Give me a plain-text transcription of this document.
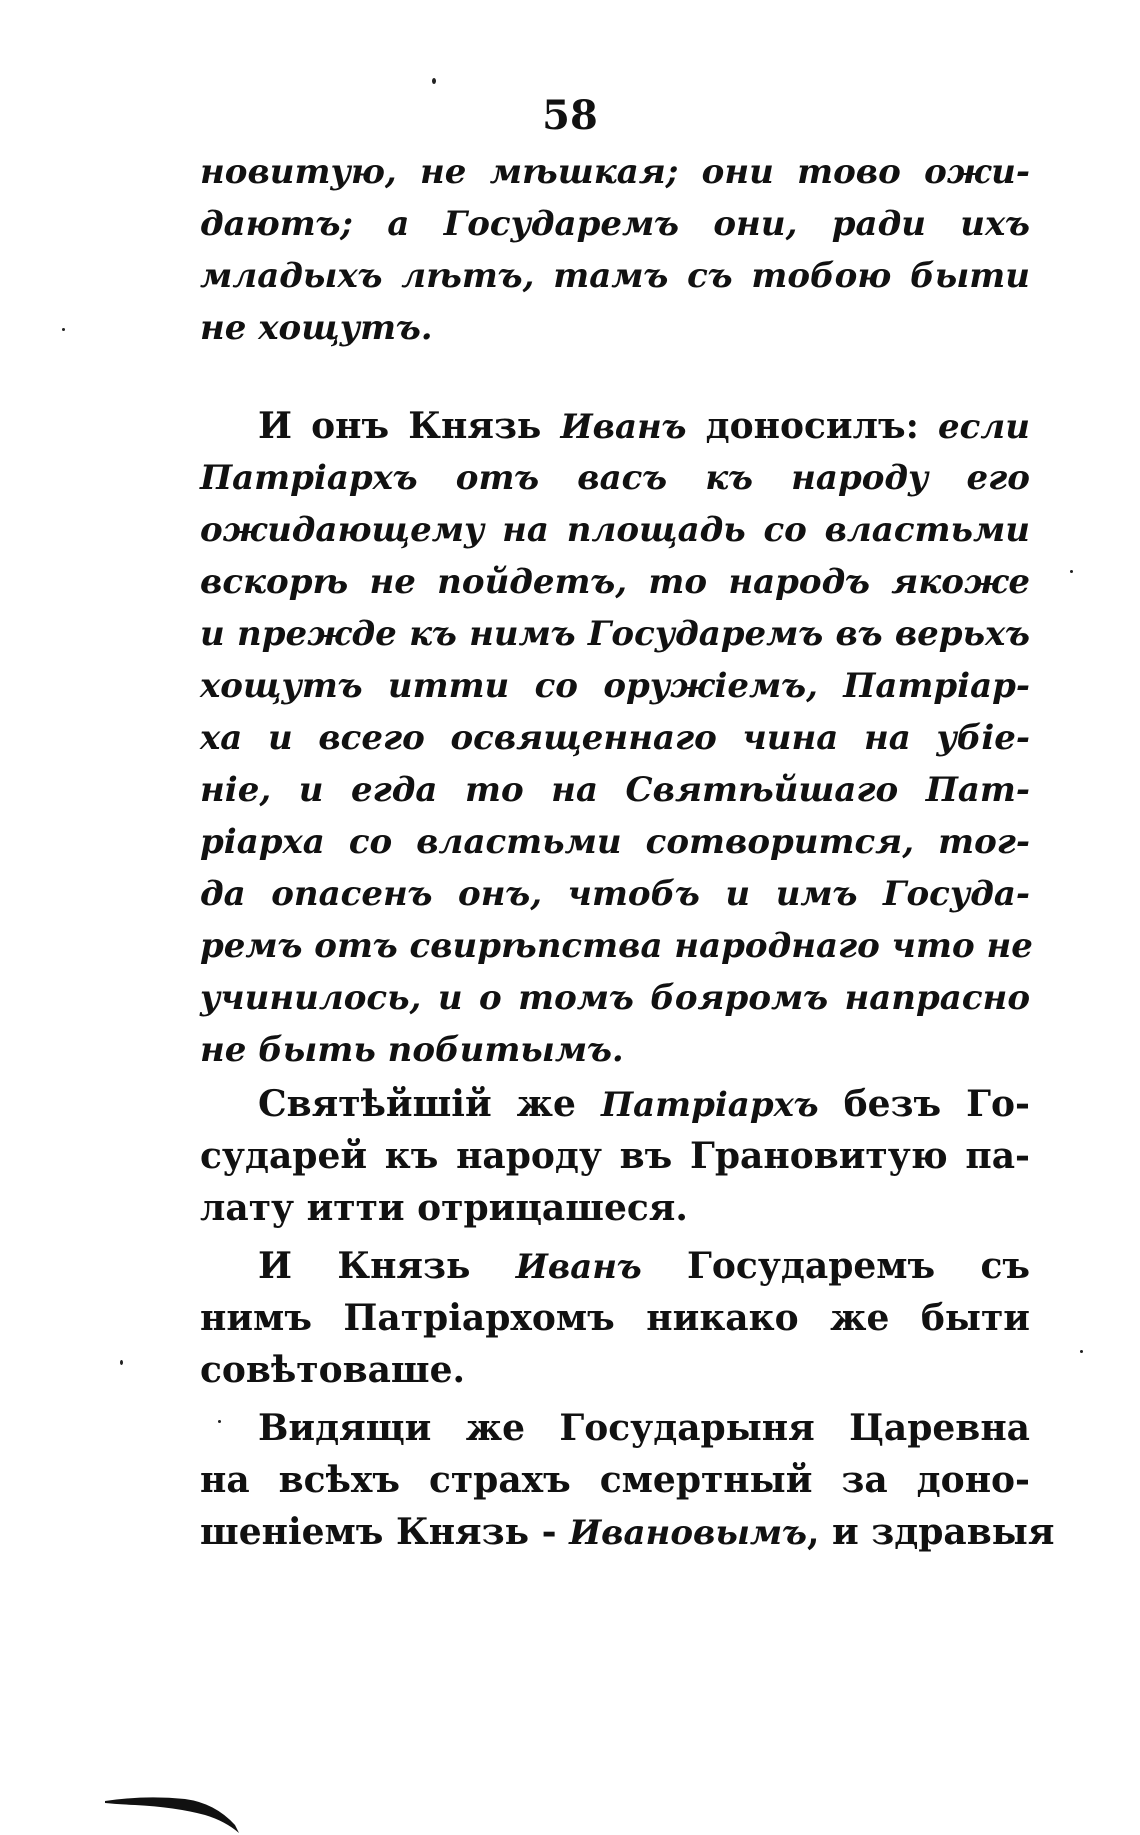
58
новитую, не мѣшкая; они тово ожи-
даютъ; а Государемъ они, ради ихъ
младыхъ лѣтъ, тамъ съ тобою быти
не хощутъ.
И онъ Князь Иванъ доносилъ: если
Патріархъ отъ васъ къ народу его
ожидающему на площадь со властьми
вскорѣ не пойдетъ, то народъ якоже
и прежде къ нимъ Государемъ въ верьхъ
хощутъ итти со оружіемъ, Патріар-
ха и всего освященнаго чина на убіе-
ніе, и егда то на Святѣйшаго Пат-
ріарха со властьми сотворится, тог-
да опасенъ онъ, чтобъ и имъ Госуда-
ремъ отъ свирѣпства народнаго что не
учинилось, и о томъ бояромъ напрасно
не быть побитымъ.
Святѣйшій же Патріархъ безъ Го-
сударей къ народу въ Грановитую па-
лату итти отрицашеся.
И Князь Иванъ Государемъ съ
нимъ Патріархомъ никако же быти
совѣтоваше.
Видящи же Государыня Царевна
на всѣхъ страхъ смертный за доно-
шеніемъ Князь - Ивановымъ, и здравыя
